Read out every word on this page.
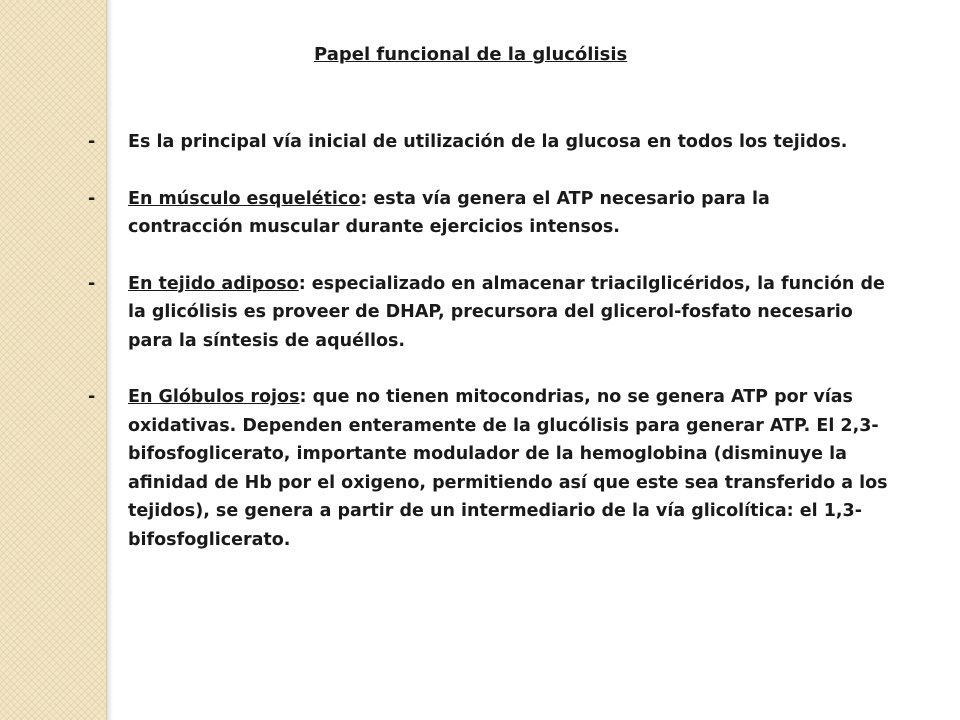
Papel funcional de la glucólisis
-	Es la principal vía inicial de utilización de la glucosa en todos los tejidos.
-	En músculo esquelético: esta vía genera el ATP necesario para la contracción muscular durante ejercicios intensos.
-	En tejido adiposo: especializado en almacenar triacilglicéridos, la función de la glicólisis es proveer de DHAP, precursora del glicerol-fosfato necesario para la síntesis de aquéllos.
-	En Glóbulos rojos: que no tienen mitocondrias, no se genera ATP por vías oxidativas. Dependen enteramente de la glucólisis para generar ATP. El 2,3-bifosfoglicerato, importante modulador de la hemoglobina (disminuye la afinidad de Hb por el oxigeno, permitiendo así que este sea transferido a los tejidos), se genera a partir de un intermediario de la vía glicolítica: el 1,3-bifosfoglicerato.
